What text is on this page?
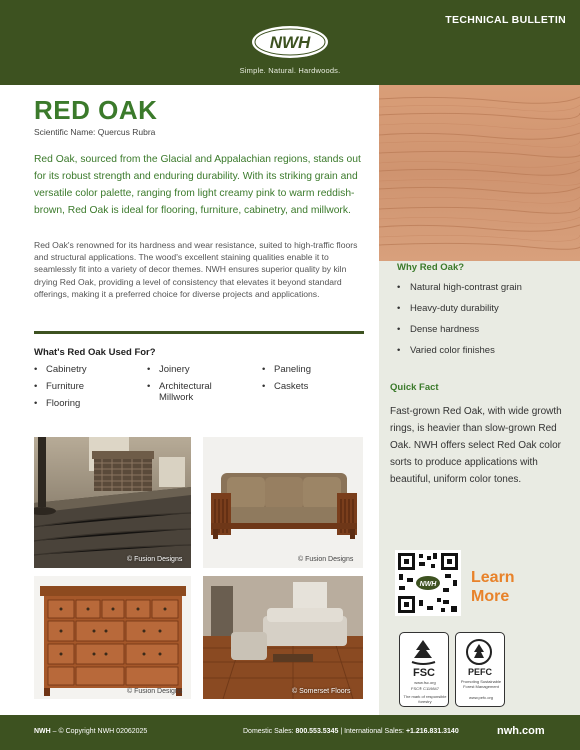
TECHNICAL BULLETIN
NWH
Simple. Natural. Hardwoods.
RED OAK
Scientific Name: Quercus Rubra
Red Oak, sourced from the Glacial and Appalachian regions, stands out for its robust strength and enduring durability. With its striking grain and versatile color palette, ranging from light creamy pink to warm reddish-brown, Red Oak is ideal for flooring, furniture, cabinetry, and millwork.
Red Oak's renowned for its hardness and wear resistance, suited to high-traffic floors and structural applications. The wood's excellent staining qualities enable it to seamlessly fit into a variety of decor themes. NWH ensures superior quality by kiln drying Red Oak, providing a level of consistency that elevates it beyond standard offerings, making it a preferred choice for diverse projects and applications.
What's Red Oak Used For?
• Cabinetry
• Furniture
• Flooring
• Joinery
• Architectural Millwork
• Paneling
• Caskets
© Fusion Designs	© Fusion Designs
© Fusion Designs	© Somerset Floors
Why Red Oak?
• Natural high-contrast grain
• Heavy-duty durability
• Dense hardness
• Varied color finishes
Quick Fact
Fast-grown Red Oak, with wide growth rings, is heavier than slow-grown Red Oak. NWH offers select Red Oak color sorts to produce applications with beautiful, uniform color tones.
NWH Learn
More
FSC
www.fsc.org
FSC® C119847
The mark of responsible forestry
PEFC
Promoting Sustainable Forest Management
www.pefc.org
NWH – © Copyright NWH 02062025	Domestic Sales: 800.553.5345 | International Sales: +1.216.831.3140	nwh.com
